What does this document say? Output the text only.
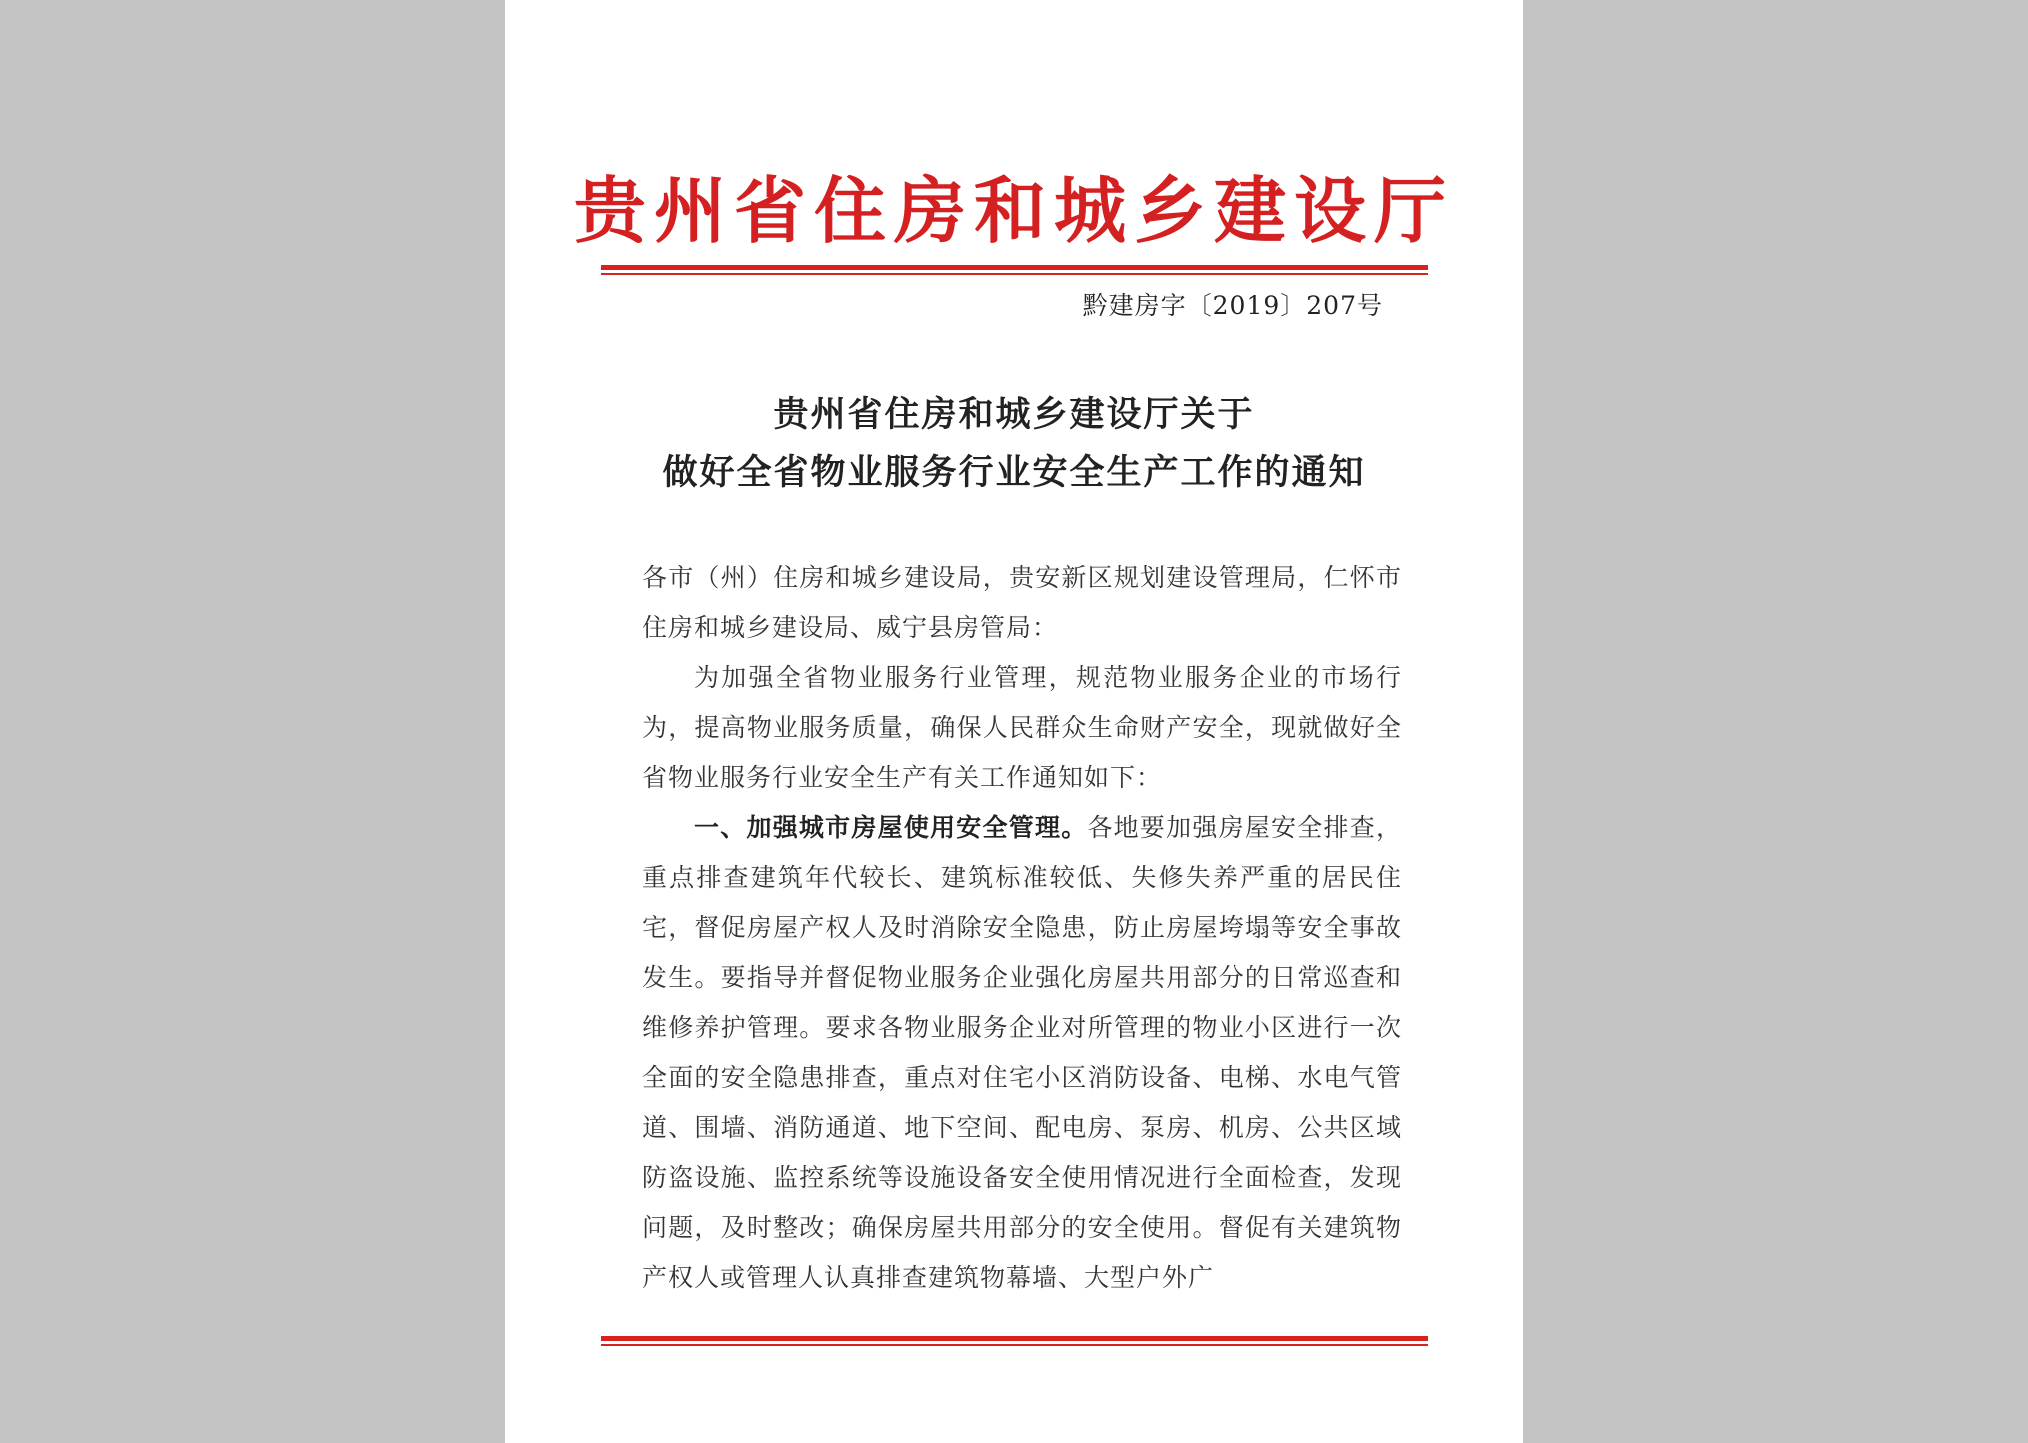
贵州省住房和城乡建设厅
黔建房字〔2019〕207号
贵州省住房和城乡建设厅关于
做好全省物业服务行业安全生产工作的通知

各市（州）住房和城乡建设局，贵安新区规划建设管理局，仁怀市住房和城乡建设局、威宁县房管局：

为加强全省物业服务行业管理，规范物业服务企业的市场行为，提高物业服务质量，确保人民群众生命财产安全，现就做好全省物业服务行业安全生产有关工作通知如下：

一、加强城市房屋使用安全管理。各地要加强房屋安全排查，重点排查建筑年代较长、建筑标准较低、失修失养严重的居民住宅，督促房屋产权人及时消除安全隐患，防止房屋垮塌等安全事故发生。要指导并督促物业服务企业强化房屋共用部分的日常巡查和维修养护管理。要求各物业服务企业对所管理的物业小区进行一次全面的安全隐患排查，重点对住宅小区消防设备、电梯、水电气管道、围墙、消防通道、地下空间、配电房、泵房、机房、公共区域防盗设施、监控系统等设施设备安全使用情况进行全面检查，发现问题，及时整改；确保房屋共用部分的安全使用。督促有关建筑物产权人或管理人认真排查建筑物幕墙、大型户外广
